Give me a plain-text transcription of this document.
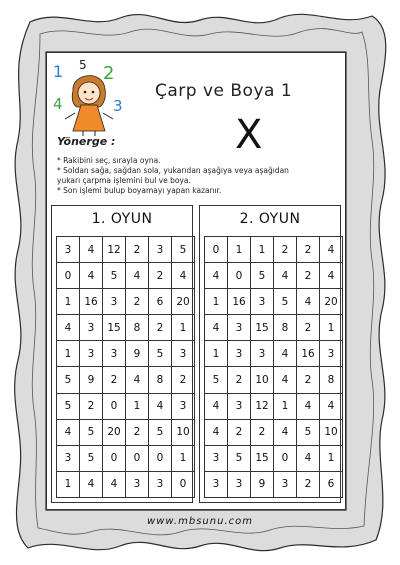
1 5 2
4	3
Çarp ve Boya 1
X
Yönerge :
* Rakibini seç, sırayla oyna.
* Soldan sağa, sağdan sola, yukarıdan aşağıya veya aşağıdan
yukarı çarpma işlemini bul ve boya.
* Son işlemi bulup boyamayı yapan kazanır.
1. OYUN
3	4	12	2	3	5
0	4	5	4	2	4
1	16	3	2	6	20
4	3	15	8	2	1
1	3	3	9	5	3
5	9	2	4	8	2
5	2	0	1	4	3
4	5	20	2	5	10
3	5	0	0	0	1
1	4	4	3	3	0
2. OYUN
0	1	1	2	2	4
4	0	5	4	2	4
1	16	3	5	4	20
4	3	15	8	2	1
1	3	3	4	16	3
5	2	10	4	2	8
4	3	12	1	4	4
4	2	2	4	5	10
3	5	15	0	4	1
3	3	9	3	2	6
www.mbsunu.com
